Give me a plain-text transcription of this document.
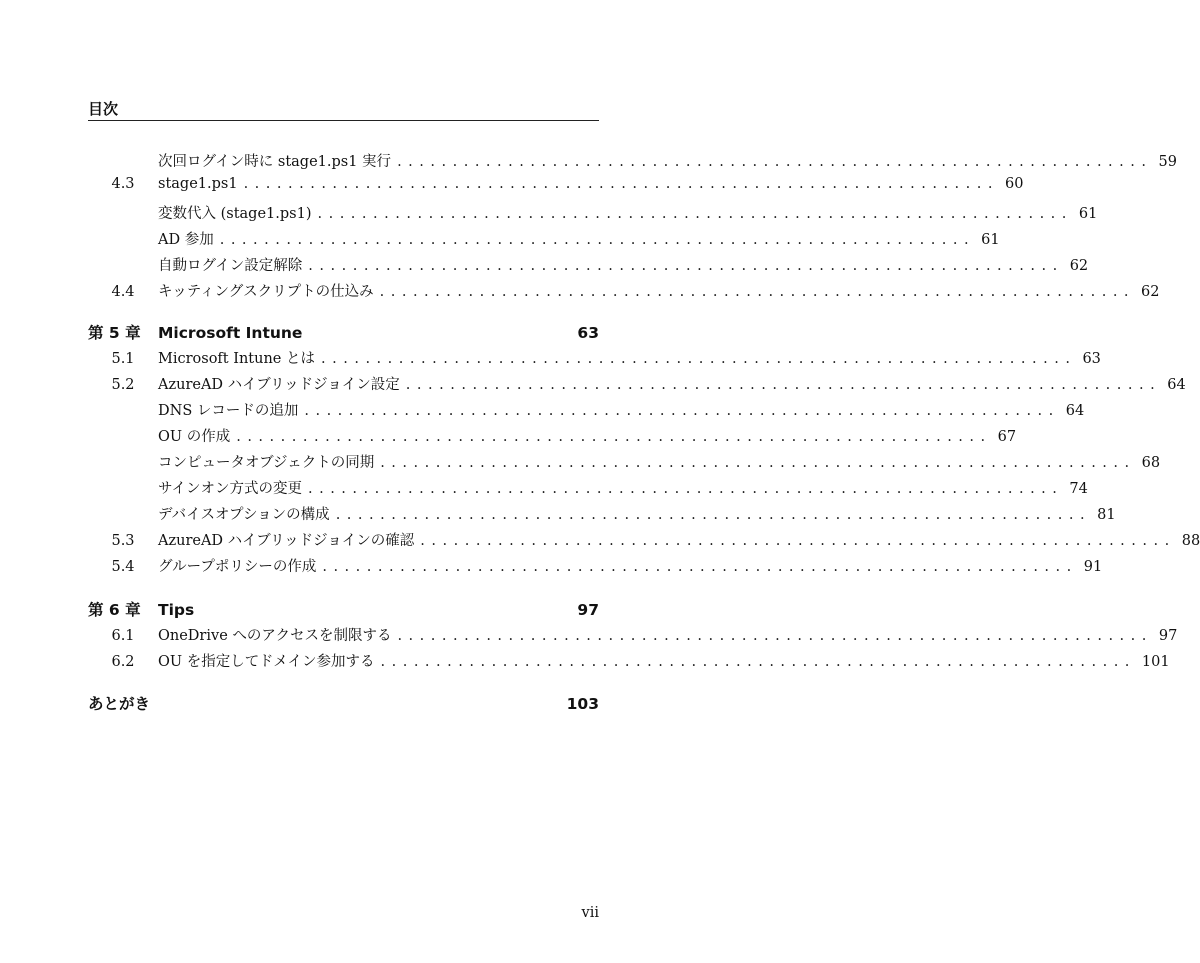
目次
次回ログイン時に stage1.ps1 実行 .................................................................... 59
4.3	stage1.ps1 .................................................................... 60
変数代入 (stage1.ps1) .................................................................... 61
AD 参加 .................................................................... 61
自動ログイン設定解除 .................................................................... 62
4.4	キッティングスクリプトの仕込み .................................................................... 62
第 5 章	Microsoft Intune	63
5.1	Microsoft Intune とは .................................................................... 63
5.2	AzureAD ハイブリッドジョイン設定 .................................................................... 64
DNS レコードの追加 .................................................................... 64
OU の作成 .................................................................... 67
コンピュータオブジェクトの同期 .................................................................... 68
サインオン方式の変更 .................................................................... 74
デバイスオプションの構成 .................................................................... 81
5.3	AzureAD ハイブリッドジョインの確認 .................................................................... 88
5.4	グループポリシーの作成 .................................................................... 91
第 6 章	Tips	97
6.1	OneDrive へのアクセスを制限する .................................................................... 97
6.2	OU を指定してドメイン参加する .................................................................... 101
あとがき	103
vii
